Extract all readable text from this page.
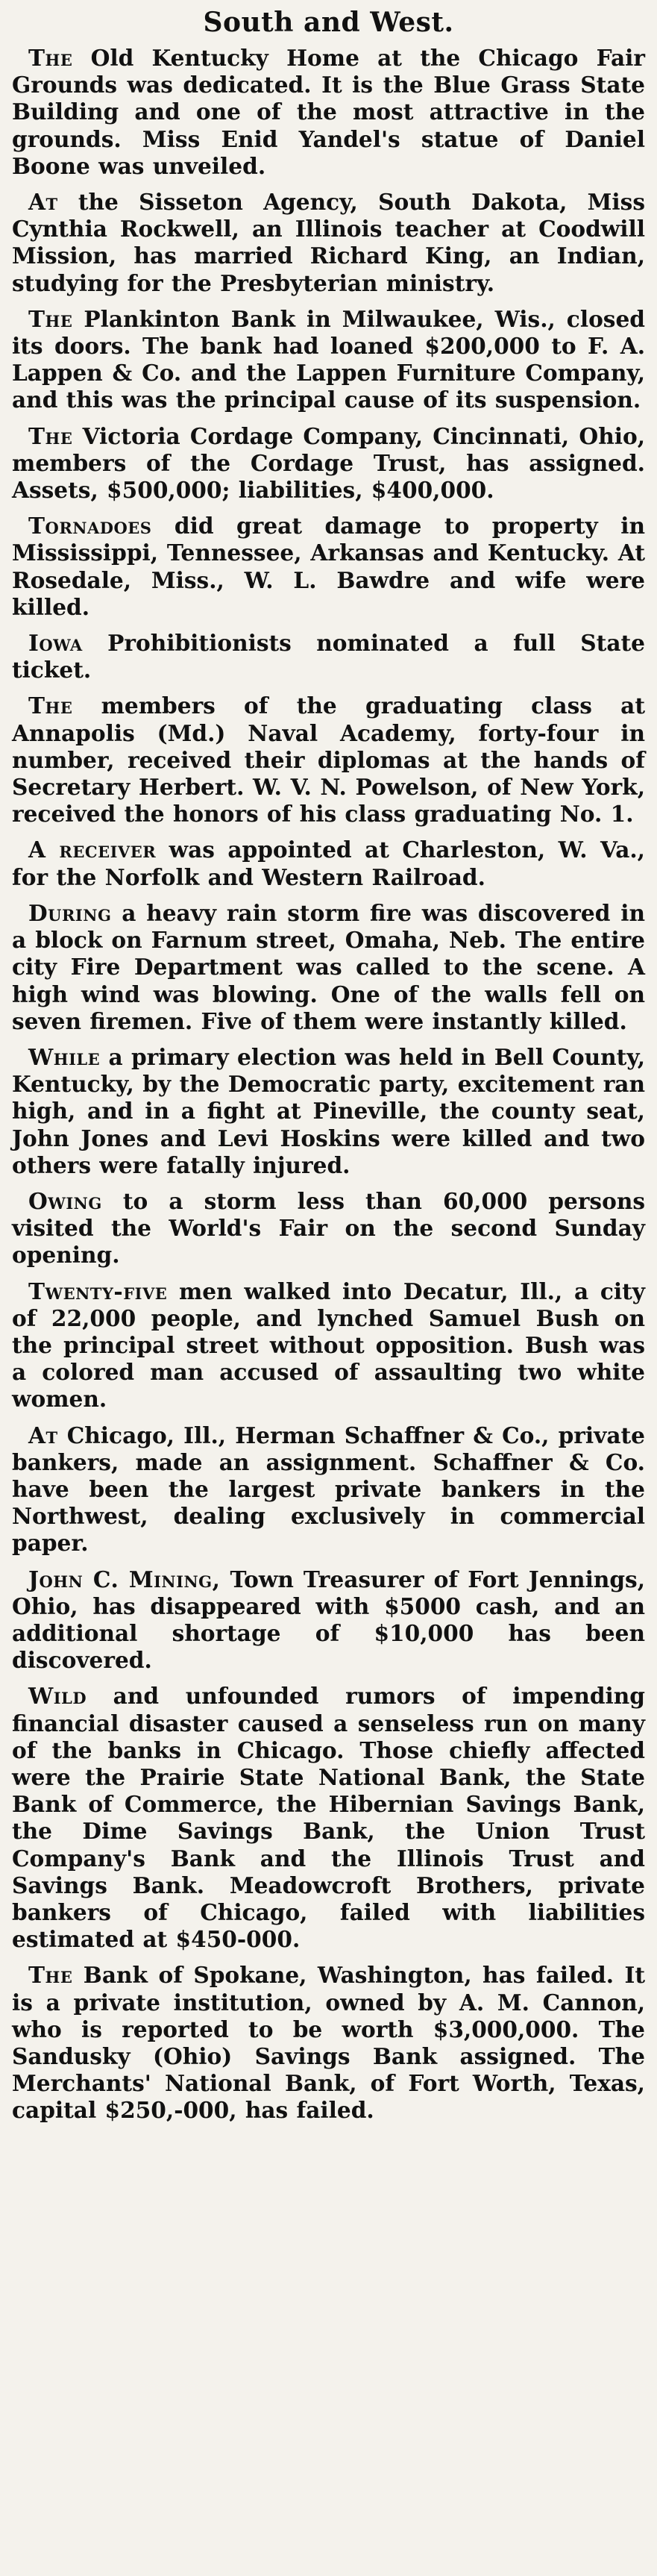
South and West.

The Old Kentucky Home at the Chicago Fair Grounds was dedicated. It is the Blue Grass State Building and one of the most attractive in the grounds. Miss Enid Yandel's statue of Daniel Boone was unveiled.

At the Sisseton Agency, South Dakota, Miss Cynthia Rockwell, an Illinois teacher at Coodwill Mission, has married Richard King, an Indian, studying for the Presbyterian ministry.

The Plankinton Bank in Milwaukee, Wis., closed its doors. The bank had loaned $200,000 to F. A. Lappen & Co. and the Lappen Furniture Company, and this was the principal cause of its suspension.

The Victoria Cordage Company, Cincinnati, Ohio, members of the Cordage Trust, has assigned. Assets, $500,000; liabilities, $400,000.

Tornadoes did great damage to property in Mississippi, Tennessee, Arkansas and Kentucky. At Rosedale, Miss., W. L. Bawdre and wife were killed.

Iowa Prohibitionists nominated a full State ticket.

The members of the graduating class at Annapolis (Md.) Naval Academy, forty-four in number, received their diplomas at the hands of Secretary Herbert. W. V. N. Powelson, of New York, received the honors of his class graduating No. 1.

A receiver was appointed at Charleston, W. Va., for the Norfolk and Western Railroad.

During a heavy rain storm fire was discovered in a block on Farnum street, Omaha, Neb. The entire city Fire Department was called to the scene. A high wind was blowing. One of the walls fell on seven firemen. Five of them were instantly killed.

While a primary election was held in Bell County, Kentucky, by the Democratic party, excitement ran high, and in a fight at Pineville, the county seat, John Jones and Levi Hoskins were killed and two others were fatally injured.

Owing to a storm less than 60,000 persons visited the World's Fair on the second Sunday opening.

Twenty-five men walked into Decatur, Ill., a city of 22,000 people, and lynched Samuel Bush on the principal street without opposition. Bush was a colored man accused of assaulting two white women.

At Chicago, Ill., Herman Schaffner & Co., private bankers, made an assignment. Schaffner & Co. have been the largest private bankers in the Northwest, dealing exclusively in commercial paper.

John C. Mining, Town Treasurer of Fort Jennings, Ohio, has disappeared with $5000 cash, and an additional shortage of $10,000 has been discovered.

Wild and unfounded rumors of impending financial disaster caused a senseless run on many of the banks in Chicago. Those chiefly affected were the Prairie State National Bank, the State Bank of Commerce, the Hibernian Savings Bank, the Dime Savings Bank, the Union Trust Company's Bank and the Illinois Trust and Savings Bank. Meadowcroft Brothers, private bankers of Chicago, failed with liabilities estimated at $450-000.

The Bank of Spokane, Washington, has failed. It is a private institution, owned by A. M. Cannon, who is reported to be worth $3,000,000. The Sandusky (Ohio) Savings Bank assigned. The Merchants' National Bank, of Fort Worth, Texas, capital $250,-000, has failed.
